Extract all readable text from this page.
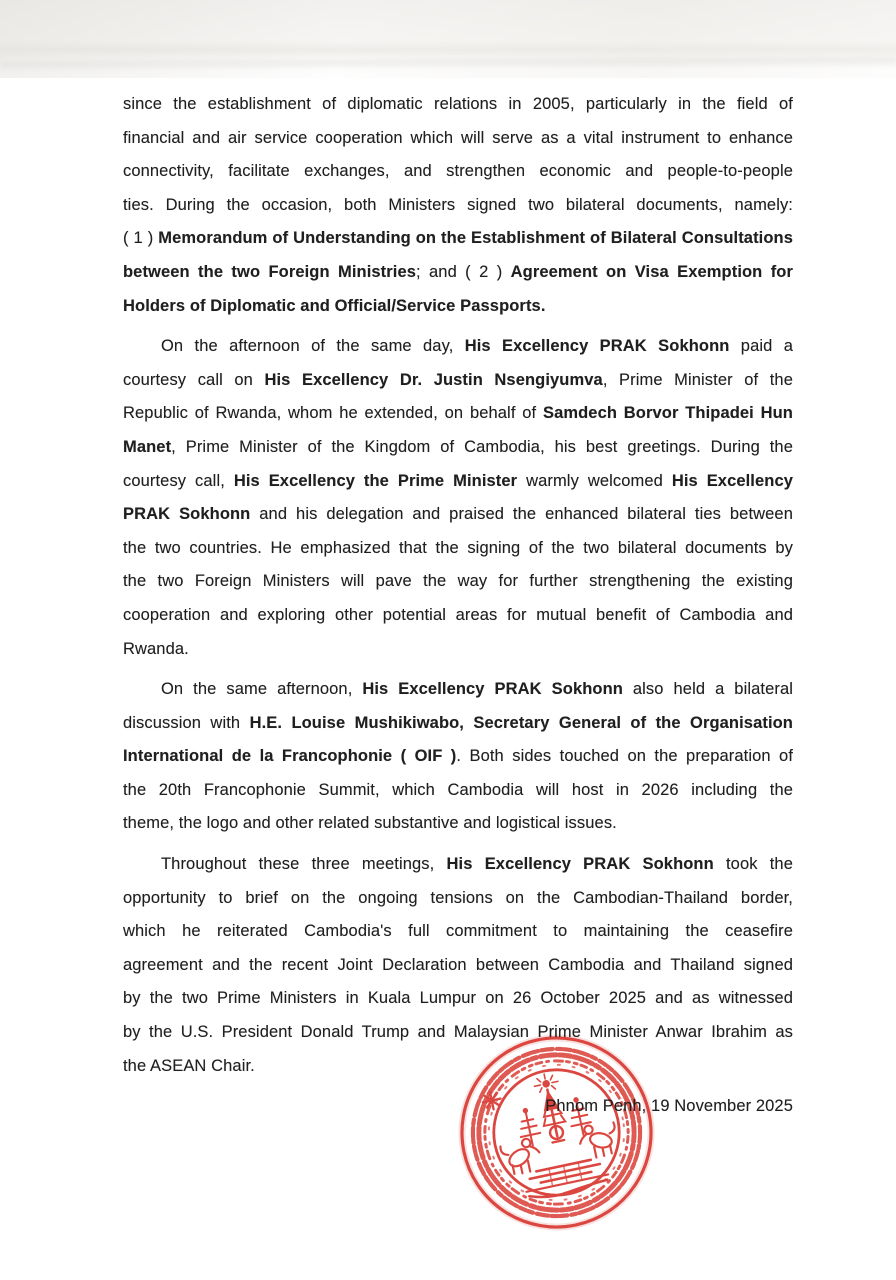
since the establishment of diplomatic relations in 2005, particularly in the field of
financial and air service cooperation which will serve as a vital instrument to enhance
connectivity, facilitate exchanges, and strengthen economic and people-to-people
ties. During the occasion, both Ministers signed two bilateral documents, namely:
( 1 ) Memorandum of Understanding on the Establishment of Bilateral Consultations
between the two Foreign Ministries; and ( 2 ) Agreement on Visa Exemption for
Holders of Diplomatic and Official/Service Passports.
On the afternoon of the same day, His Excellency PRAK Sokhonn paid a
courtesy call on His Excellency Dr. Justin Nsengiyumva, Prime Minister of the
Republic of Rwanda, whom he extended, on behalf of Samdech Borvor Thipadei Hun
Manet, Prime Minister of the Kingdom of Cambodia, his best greetings. During the
courtesy call, His Excellency the Prime Minister warmly welcomed His Excellency
PRAK Sokhonn and his delegation and praised the enhanced bilateral ties between
the two countries. He emphasized that the signing of the two bilateral documents by
the two Foreign Ministers will pave the way for further strengthening the existing
cooperation and exploring other potential areas for mutual benefit of Cambodia and
Rwanda.
On the same afternoon, His Excellency PRAK Sokhonn also held a bilateral
discussion with H.E. Louise Mushikiwabo, Secretary General of the Organisation
International de la Francophonie ( OIF ). Both sides touched on the preparation of
the 20th Francophonie Summit, which Cambodia will host in 2026 including the
theme, the logo and other related substantive and logistical issues.
Throughout these three meetings, His Excellency PRAK Sokhonn took the
opportunity to brief on the ongoing tensions on the Cambodian-Thailand border,
which he reiterated Cambodia's full commitment to maintaining the ceasefire
agreement and the recent Joint Declaration between Cambodia and Thailand signed
by the two Prime Ministers in Kuala Lumpur on 26 October 2025 and as witnessed
by the U.S. President Donald Trump and Malaysian Prime Minister Anwar Ibrahim as
the ASEAN Chair.
Phnom Penh, 19 November 2025
